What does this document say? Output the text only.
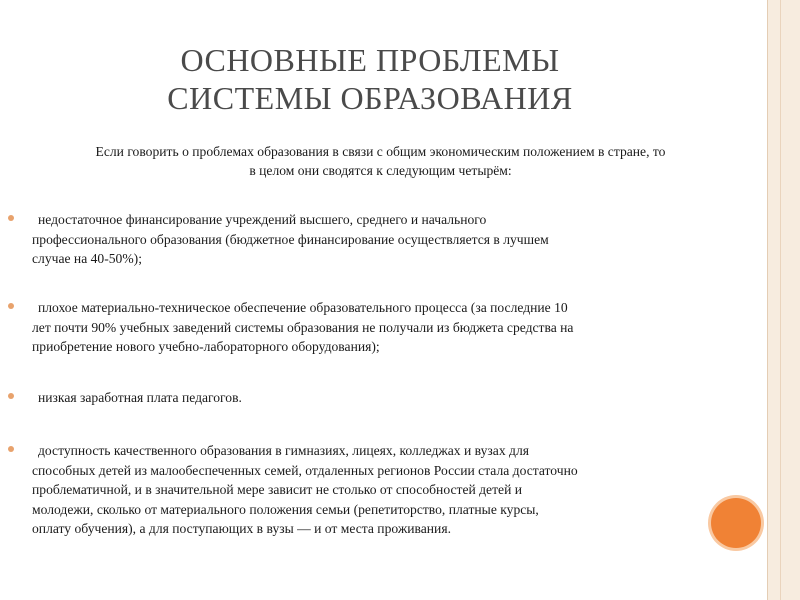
ОСНОВНЫЕ ПРОБЛЕМЫ
СИСТЕМЫ ОБРАЗОВАНИЯ
Если говорить о проблемах образования в связи с общим экономическим положением в стране, то
в целом они сводятся к следующим четырём:
недостаточное финансирование учреждений высшего, среднего и начального
профессионального образования (бюджетное финансирование осуществляется в лучшем
случае на 40-50%);
плохое материально-техническое обеспечение образовательного процесса (за последние 10
лет почти 90% учебных заведений системы образования не получали из бюджета средства на
приобретение нового учебно-лабораторного оборудования);
низкая заработная плата педагогов.
доступность качественного образования в гимназиях, лицеях, колледжах и вузах для
способных детей из малообеспеченных семей, отдаленных регионов России стала достаточно
проблематичной, и в значительной мере зависит не столько от способностей детей и
молодежи, сколько от материального положения семьи (репетиторство, платные курсы,
оплату обучения), а для поступающих в вузы — и от места проживания.
